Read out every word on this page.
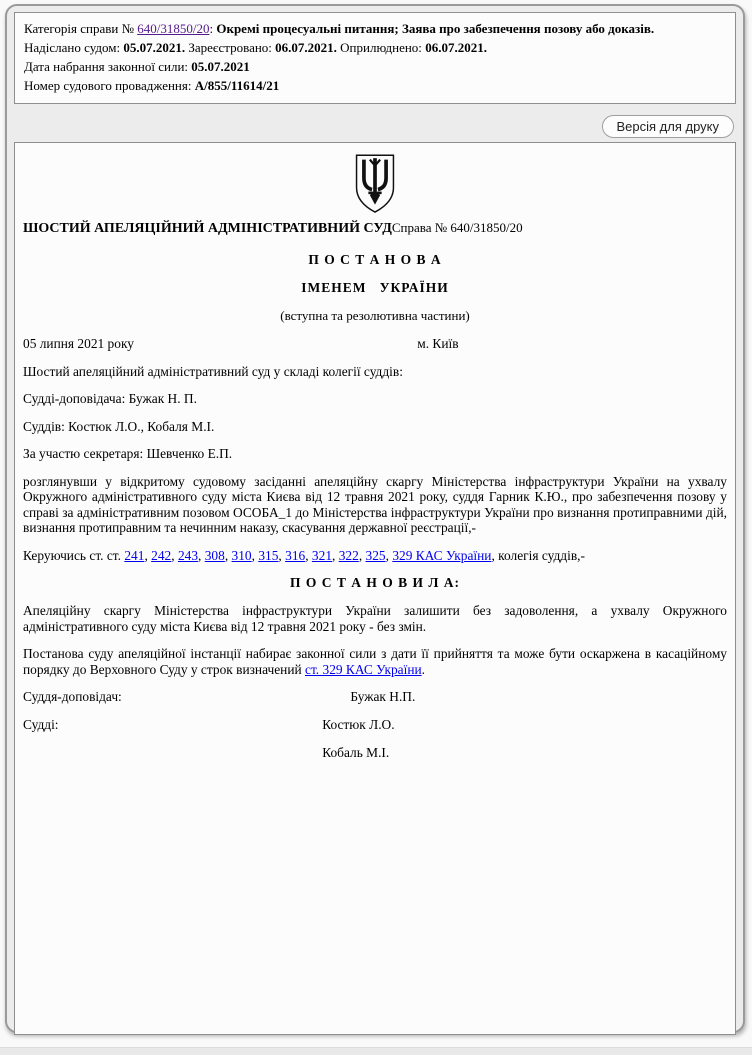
Категорія справи № 640/31850/20: Окремі процесуальні питання; Заява про забезпечення позову або доказів.
Надіслано судом: 05.07.2021. Зареєстровано: 06.07.2021. Оприлюднено: 06.07.2021.
Дата набрання законної сили: 05.07.2021
Номер судового провадження: А/855/11614/21
Версія для друку
ШОСТИЙ АПЕЛЯЦІЙНИЙ АДМІНІСТРАТИВНИЙ СУДСправа № 640/31850/20
П О С Т А Н О В А
ІМЕНЕМ   УКРАЇНИ
(вступна та резолютивна частини)
05 липня 2021 року	м. Київ
Шостий апеляційний адміністративний суд у складі колегії суддів:
Судді-доповідача: Бужак Н. П.
Суддів: Костюк Л.О., Кобаля М.І.
За участю секретаря: Шевченко Е.П.
розглянувши у відкритому судовому засіданні апеляційну скаргу Міністерства інфраструктури України на ухвалу Окружного адміністративного суду міста Києва від 12 травня 2021 року, суддя Гарник К.Ю., про забезпечення позову у справі за адміністративним позовом ОСОБА_1 до Міністерства інфраструктури України про визнання протиправними дій, визнання протиправним та нечинним наказу, скасування державної реєстрації,-
Керуючись ст. ст. 241, 242, 243, 308, 310, 315, 316, 321, 322, 325, 329 КАС України, колегія суддів,-
П О С Т А Н О В И Л А:
Апеляційну скаргу Міністерства інфраструктури України залишити без задоволення, а ухвалу Окружного адміністративного суду міста Києва від 12 травня 2021 року - без змін.
Постанова суду апеляційної інстанції набирає законної сили з дати її прийняття та може бути оскаржена в касаційному порядку до Верховного Суду у строк визначений ст. 329 КАС України.
Суддя-доповідач:	Бужак Н.П.
Судді:	Костюк Л.О.
Кобаль М.І.
